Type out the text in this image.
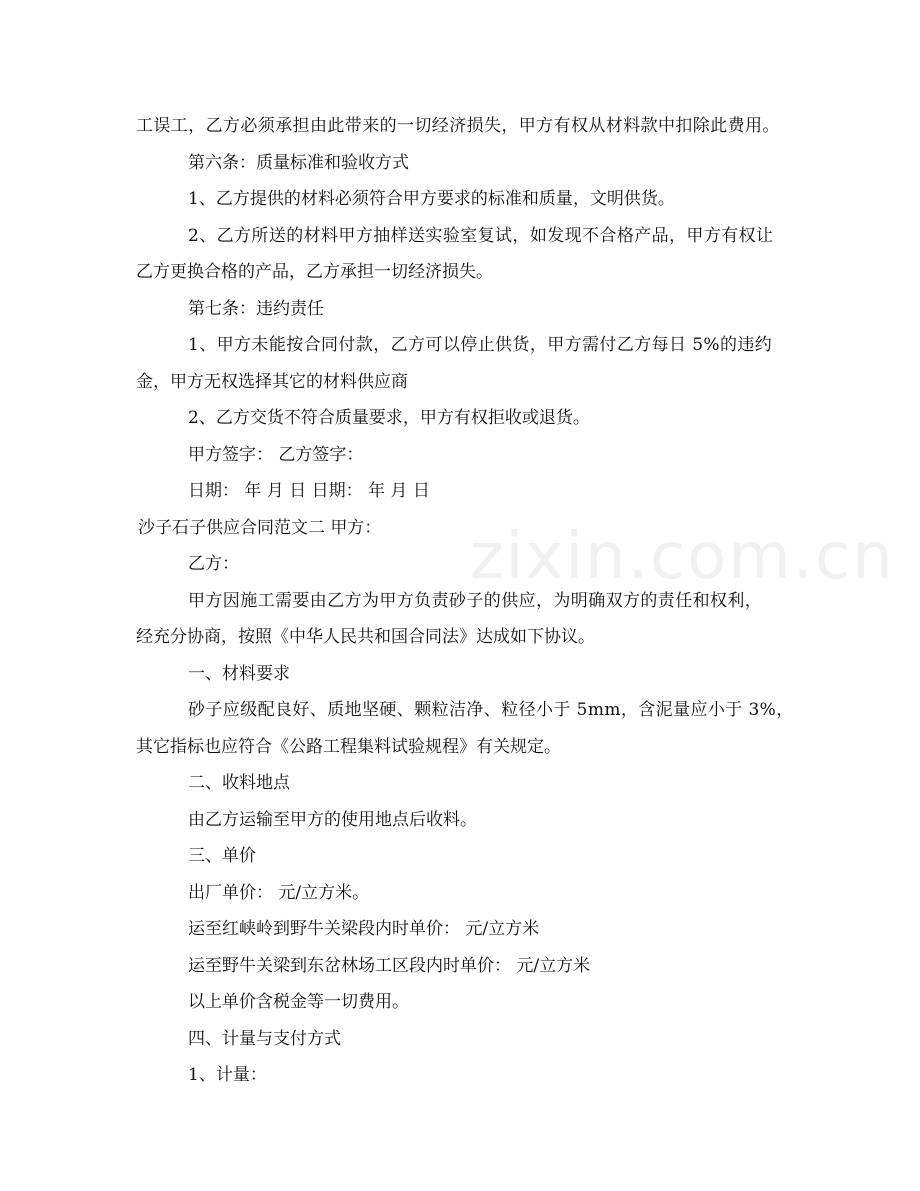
zixin.com.cn

工误工，乙方必须承担由此带来的一切经济损失，甲方有权从材料款中扣除此费用。

第六条：质量标准和验收方式

1、乙方提供的材料必须符合甲方要求的标准和质量，文明供货。

2、乙方所送的材料甲方抽样送实验室复试，如发现不合格产品，甲方有权让

乙方更换合格的产品，乙方承担一切经济损失。

第七条：违约责任

1、甲方未能按合同付款，乙方可以停止供货，甲方需付乙方每日 5%的违约

金，甲方无权选择其它的材料供应商

2、乙方交货不符合质量要求，甲方有权拒收或退货。

甲方签字： 乙方签字：

日期： 年 月 日 日期： 年 月 日

沙子石子供应合同范文二 甲方：

乙方：

甲方因施工需要由乙方为甲方负责砂子的供应，为明确双方的责任和权利，

经充分协商，按照《中华人民共和国合同法》达成如下协议。

一、材料要求

砂子应级配良好、质地坚硬、颗粒洁净、粒径小于 5mm，含泥量应小于 3%，

其它指标也应符合《公路工程集料试验规程》有关规定。

二、收料地点

由乙方运输至甲方的使用地点后收料。

三、单价

出厂单价： 元/立方米。

运至红峡岭到野牛关梁段内时单价： 元/立方米

运至野牛关梁到东岔林场工区段内时单价： 元/立方米

以上单价含税金等一切费用。

四、计量与支付方式

1、计量：
